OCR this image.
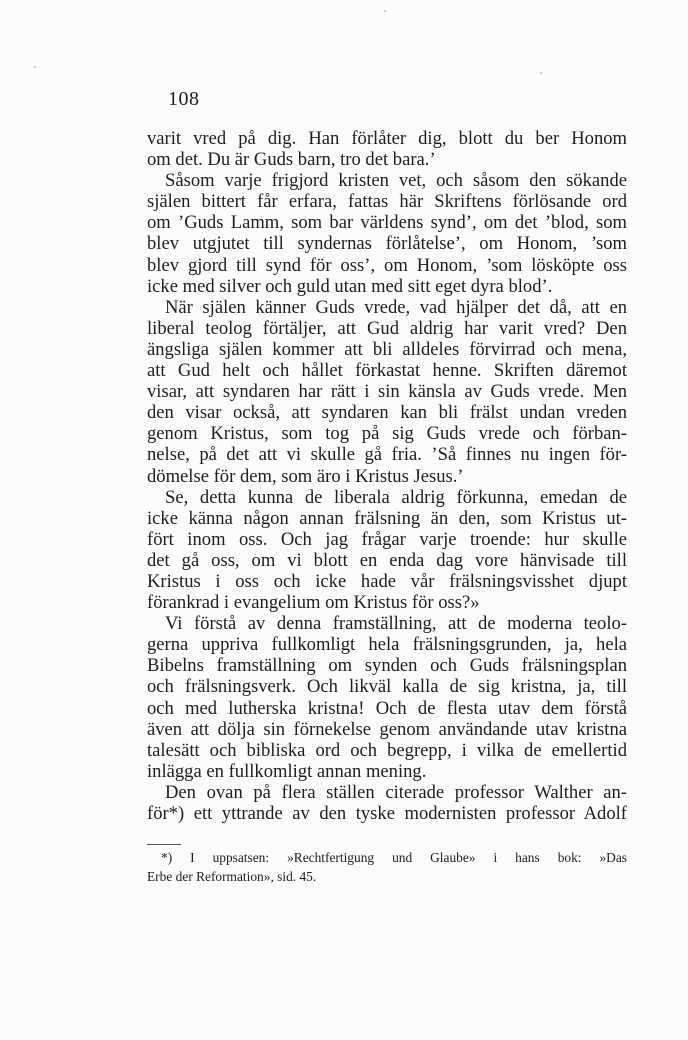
108
varit vred på dig. Han förlåter dig, blott du ber Honom
om det. Du är Guds barn, tro det bara.’
Såsom varje frigjord kristen vet, och såsom den sökande
själen bittert får erfara, fattas här Skriftens förlösande ord
om ’Guds Lamm, som bar världens synd’, om det ’blod, som
blev utgjutet till syndernas förlåtelse’, om Honom, ’som
blev gjord till synd för oss’, om Honom, ’som lösköpte oss
icke med silver och guld utan med sitt eget dyra blod’.
När själen känner Guds vrede, vad hjälper det då, att en
liberal teolog förtäljer, att Gud aldrig har varit vred? Den
ängsliga själen kommer att bli alldeles förvirrad och mena,
att Gud helt och hållet förkastat henne. Skriften däremot
visar, att syndaren har rätt i sin känsla av Guds vrede. Men
den visar också, att syndaren kan bli frälst undan vreden
genom Kristus, som tog på sig Guds vrede och förban-
nelse, på det att vi skulle gå fria. ’Så finnes nu ingen för-
dömelse för dem, som äro i Kristus Jesus.’
Se, detta kunna de liberala aldrig förkunna, emedan de
icke känna någon annan frälsning än den, som Kristus ut-
fört inom oss. Och jag frågar varje troende: hur skulle
det gå oss, om vi blott en enda dag vore hänvisade till
Kristus i oss och icke hade vår frälsningsvisshet djupt
förankrad i evangelium om Kristus för oss?»
Vi förstå av denna framställning, att de moderna teolo-
gerna uppriva fullkomligt hela frälsningsgrunden, ja, hela
Bibelns framställning om synden och Guds frälsningsplan
och frälsningsverk. Och likväl kalla de sig kristna, ja, till
och med lutherska kristna! Och de flesta utav dem förstå
även att dölja sin förnekelse genom användande utav kristna
talesätt och bibliska ord och begrepp, i vilka de emellertid
inlägga en fullkomligt annan mening.
Den ovan på flera ställen citerade professor Walther an-
för*) ett yttrande av den tyske modernisten professor Adolf
*) I uppsatsen: »Rechtfertigung und Glaube» i hans bok: »Das
Erbe der Reformation», sid. 45.
